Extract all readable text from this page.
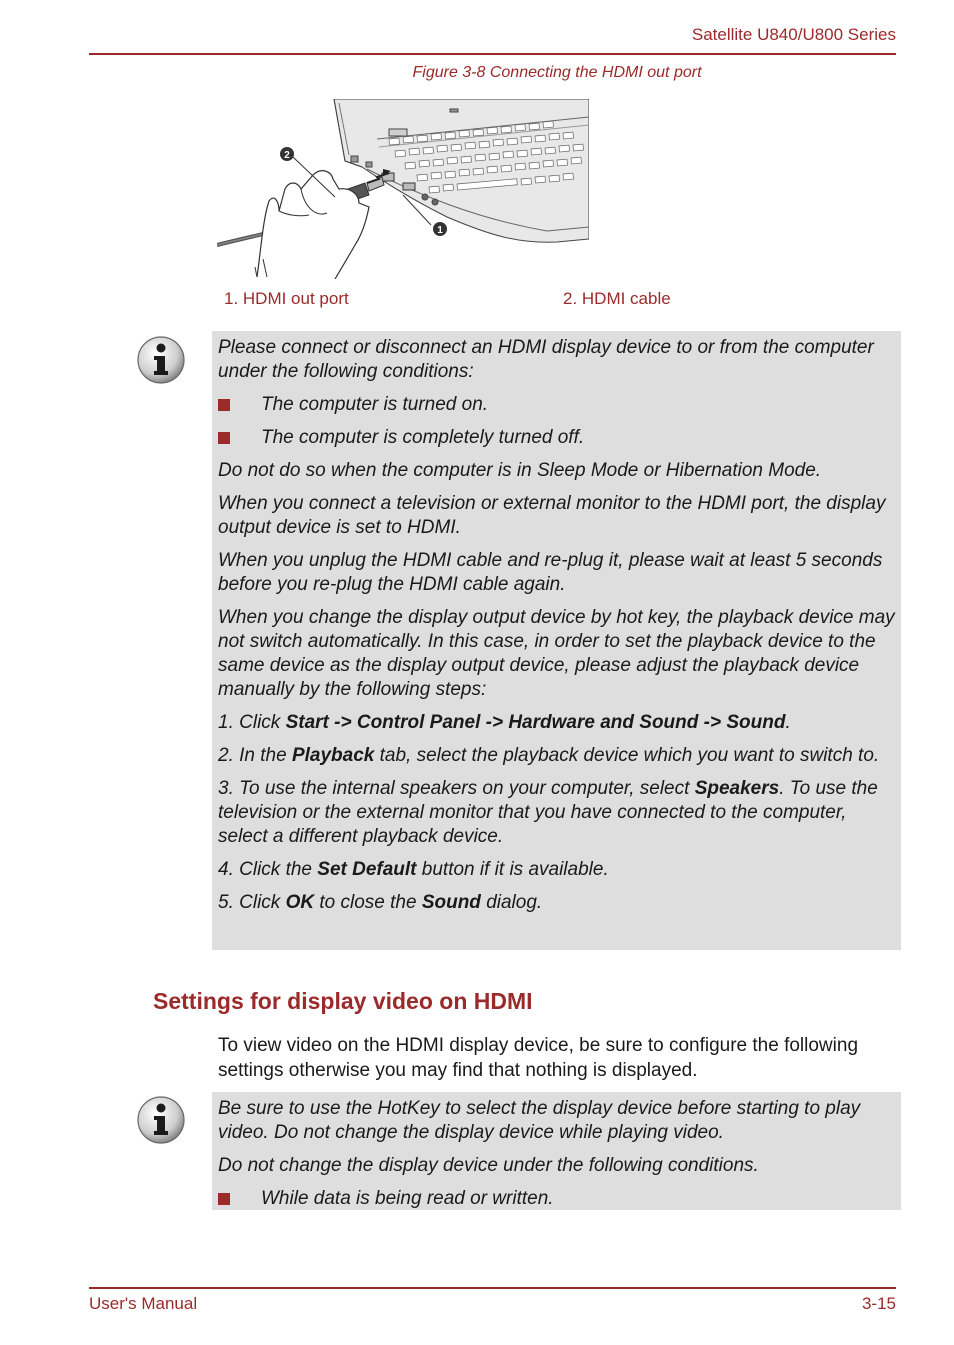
Satellite U840/U800 Series
Figure 3-8 Connecting the HDMI out port
2
1
1. HDMI out port	2. HDMI cable

Please connect or disconnect an HDMI display device to or from the computer under the following conditions:

The computer is turned on.
The computer is completely turned off.

Do not do so when the computer is in Sleep Mode or Hibernation Mode.

When you connect a television or external monitor to the HDMI port, the display output device is set to HDMI.

When you unplug the HDMI cable and re-plug it, please wait at least 5 seconds before you re-plug the HDMI cable again.

When you change the display output device by hot key, the playback device may not switch automatically. In this case, in order to set the playback device to the same device as the display output device, please adjust the playback device manually by the following steps:

1. Click Start -> Control Panel -> Hardware and Sound -> Sound.

2. In the Playback tab, select the playback device which you want to switch to.

3. To use the internal speakers on your computer, select Speakers. To use the television or the external monitor that you have connected to the computer, select a different playback device.

4. Click the Set Default button if it is available.

5. Click OK to close the Sound dialog.

Settings for display video on HDMI
To view video on the HDMI display device, be sure to configure the following settings otherwise you may find that nothing is displayed.

Be sure to use the HotKey to select the display device before starting to play video. Do not change the display device while playing video.

Do not change the display device under the following conditions.

While data is being read or written.
User's Manual	3-15
